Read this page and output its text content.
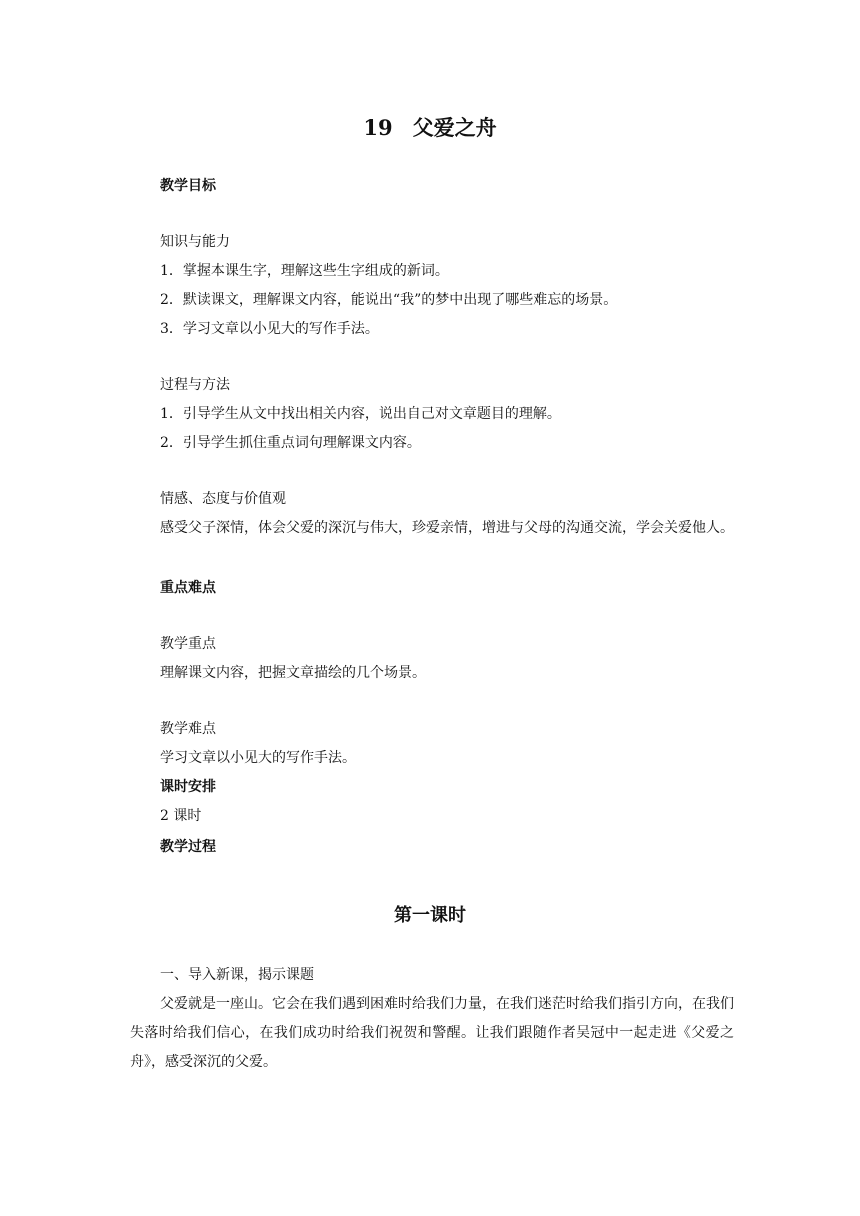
19 父爱之舟
教学目标
知识与能力
1．掌握本课生字，理解这些生字组成的新词。
2．默读课文，理解课文内容，能说出“我”的梦中出现了哪些难忘的场景。
3．学习文章以小见大的写作手法。
过程与方法
1．引导学生从文中找出相关内容，说出自己对文章题目的理解。
2．引导学生抓住重点词句理解课文内容。
情感、态度与价值观
感受父子深情，体会父爱的深沉与伟大，珍爱亲情，增进与父母的沟通交流，学会关爱他人。
重点难点
教学重点
理解课文内容，把握文章描绘的几个场景。
教学难点
学习文章以小见大的写作手法。
课时安排
2 课时
教学过程
第一课时
一、导入新课，揭示课题
父爱就是一座山。它会在我们遇到困难时给我们力量，在我们迷茫时给我们指引方向，在我们失落时给我们信心，在我们成功时给我们祝贺和警醒。让我们跟随作者吴冠中一起走进《父爱之舟》，感受深沉的父爱。
